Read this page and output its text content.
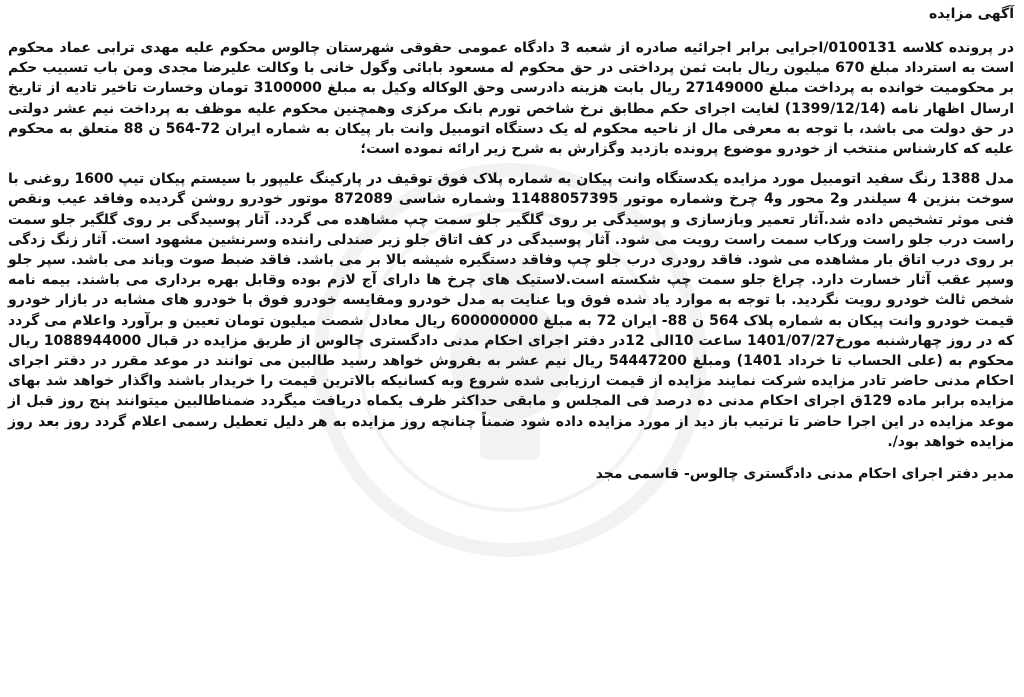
آگهی مزایده
در پرونده کلاسه 0100131/اجرایی برابر اجرائیه صادره از شعبه 3 دادگاه عمومی حقوقی شهرستان چالوس محکوم علیه مهدی ترابی عماد محکوم است به استرداد مبلغ 670 میلیون ریال بابت ثمن پرداختی در حق محکوم له مسعود بابائی وگول خانی با وکالت علیرضا مجدی ومن باب تسبیب حکم بر محکومیت خوانده به پرداخت مبلغ 27149000 ریال بابت هزینه دادرسی وحق الوکاله وکیل به مبلغ 3100000 تومان وخسارت تاخیر تادیه از تاریخ ارسال اظهار نامه (1399/12/14) لغایت اجرای حکم مطابق نرخ شاخص تورم بانک مرکزی وهمچنین محکوم علیه موظف به پرداخت نیم عشر دولتی در حق دولت می باشد، با توجه به معرفی مال از ناحیه محکوم له یک دستگاه اتومبیل وانت بار پیکان به شماره ایران 72-564 ن 88 متعلق به محکوم علیه که کارشناس منتخب از خودرو موضوع پرونده بازدید وگزارش به شرح زیر ارائه نموده است؛
مدل 1388 رنگ سفید اتومبیل مورد مزایده یکدستگاه وانت پیکان به شماره پلاک فوق توقیف در پارکینگ علیپور با سیستم پیکان تیپ 1600 روغنی با سوخت بنزین 4 سیلندر و2 محور و4 چرخ وشماره موتور 11488057395 وشماره شاسی 872089 موتور خودرو روشن گردیده وفاقد عیب ونقص فنی موثر تشخیص داده شد.آثار تعمیر وبازسازی و پوسیدگی بر روی گلگیر جلو سمت چپ مشاهده می گردد. آثار پوسیدگی بر روی گلگیر جلو سمت راست درب جلو راست ورکاب سمت راست رویت می شود. آثار پوسیدگی در کف اتاق جلو زیر صندلی راننده وسرنشین مشهود است. آثار زنگ زدگی بر روی درب اتاق بار مشاهده می شود. فاقد رودری درب جلو چپ وفاقد دستگیره شیشه بالا بر می باشد. فاقد ضبط صوت وباند می باشد. سپر جلو وسپر عقب آثار خسارت دارد. چراغ جلو سمت چپ شکسته است.لاستیک های چرخ ها دارای آج لازم بوده وقابل بهره برداری می باشند. بیمه نامه شخص ثالث خودرو رویت نگردید. با توجه به موارد یاد شده فوق وبا عنایت به مدل خودرو ومقایسه خودرو فوق با خودرو های مشابه در بازار خودرو قیمت خودرو وانت پیکان به شماره پلاک 564 ن 88- ایران 72 به مبلغ 600000000 ریال معادل شصت میلیون تومان تعیین و برآورد واعلام می گردد که در روز چهارشنبه مورخ1401/07/27 ساعت 10الی 12در دفتر اجرای احکام مدنی دادگستری چالوس از طریق مزایده در قبال 1088944000 ریال محکوم به (علی الحساب تا خرداد 1401) ومبلغ 54447200 ریال نیم عشر به بفروش خواهد رسید طالبین می توانند در موعد مقرر در دفتر اجرای احکام مدنی حاضر تادر مزایده شرکت نمایند مزایده از قیمت ارزیابی شده شروع وبه کسانیکه بالاترین قیمت را خریدار باشند واگذار خواهد شد بهای مزایده برابر ماده 129ق اجرای احکام مدنی ده درصد فی المجلس و مابقی حداکثر ظرف یکماه دریافت میگردد ضمناطالبین میتوانند پنج روز قبل از موعد مزایده در این اجرا حاضر تا ترتیب باز دید از مورد مزایده داده شود ضمناً چنانچه روز مزایده به هر دلیل تعطیل رسمی اعلام گردد روز بعد روز مزایده خواهد بود/.
مدیر دفتر اجرای احکام مدنی دادگستری چالوس- قاسمی مجد
